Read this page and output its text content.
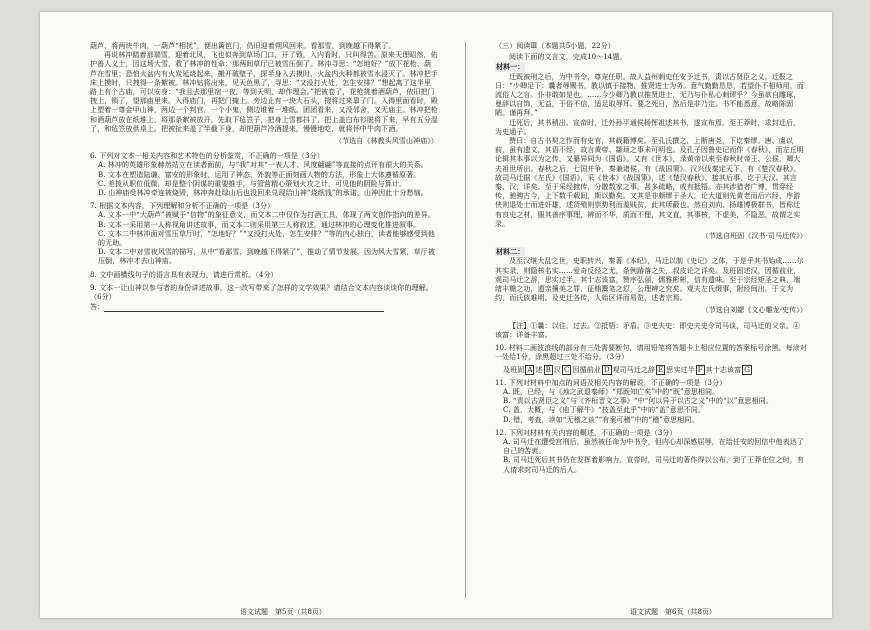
葫芦，将两块牛肉，一葫芦“相扰”，便出篱笆门，仍旧迎着朔风回来。看那雪，到晚越下得紧了。

再说林冲踏着那瑞雪，迎着北风，飞也似奔到草场门口，开了锁，入内看时，只叫得苦。原来天理昭然，佑护善人义士，因这场大雪，救了林冲的性命：那两间草厅已被雪压倒了。林冲寻思：“怎地好？”放下花枪、葫芦在雪里；恐怕火盆内有火炭延烧起来，搬开破壁子，探半身入去摸时，火盆内火种都被雪水浸灭了。林冲把手床上摸时，只拽得一条絮被。林冲钻将出来，见天色黑了，寻思：“又没打火处，怎生安排？”想起离了这半里路上有个古庙，可以安身：“我且去那里宿一夜，等到天明，却作理会。”把被卷了，花枪挑着酒葫芦，依旧把门拽上，锁了，望那庙里来。入得庙门，再把门掩上。旁边止有一块大石头，掇将过来靠了门。入得里面看时，殿上塑着一尊金甲山神，两边一个判官，一个小鬼，侧边堆着一堆纸。团团看来，又没邻舍，又无庙主。林冲把枪和酒葫芦放在纸堆上，将那条絮被放开，先取下毡笠子，把身上雪都抖了，把上盖白布衫脱将下来，早有五分湿了，和毡笠放供桌上。把被扯来盖了半截下身，却把葫芦冷酒提来，慢慢地吃，就将怀中牛肉下酒。

（节选自《林教头风雪山神庙》）

6. 下列对文本一相关内容和艺术特色的分析鉴赏，不正确的一项是（3分）

A. 林冲的英雄形象赫然站立在读者面前，与“我”对其“一表人才、风度翩翩”等直接的点评有很大的关系。

B. 文本在塑造陆谦、富安的形象时，运用了神态、外貌等正面刻画人物的方法，形象上大体遵循原著。

C. 差拨从职位低微，却是整个阴谋的重要推手，与管营精心策划火攻之计，可见他的阴险与算计。

D. 山神庙受林冲牵连被烧毁，林冲奔赴绿山后也没回来兑现给山神“烧纸钱”的承诺，山神因此十分愁恼。

7. 根据文本内容，下列理解和分析不正确的一项是（3分）

A. 文本一中“大葫芦”被赋予“信物”的象征意义，而文本二中仅作为打酒工具，体现了两文创作指向的差异。

B. 文本一采用第一人称视角讲述故事，而文本二则采用第三人称叙述，通过林冲的心理变化推进叙事。

C. 文本二中林冲面对雪压草厅时，“怎地好？”“又没打火处，怎生安排？”等的内心独白，读者能够感受到他的无助。

D. 文本二中对雪夜风雪的描写，从中“看那雪，到晚越下得紧了”，推动了情节发展，因为风大雪紧，草厅被压倒，林冲才去山神庙。

8. 文中画横线句子的语言具有表现力，请进行赏析。（4分）

9. 文本一让山神以参与者的身份讲述故事，这一改写带来了怎样的文学效果？请结合文本内容谈谈你的理解。（6分）

答：

（三）阅读Ⅲ（本题共5小题，22分）

阅读下面的文言文，完成10～14题。

材料一：

迁既被刑之后，为中书令，尊宠任职。故人益州刺史任安予迁书，责以古贤臣之义。迁报之曰：“少卿足下：曩者辱赐书，教以慎于接物，推贤进士为务。意气勤勤恳恳，若望仆不相师用，而流俗人之言。仆非敢如是也。……今少卿乃教以推贤进士，无乃与仆私心刺谬乎？今虽欲自雕琢，曼辞以自饰，无益，于俗不信，适足取辱耳。要之死日，然后是非乃定。书不能悉意，故略陈固陋。谨再拜。”

迁死后，其书稍出。宣帝时，迁外孙平通侯杨恽祖述其书，遂宣布焉。至王莽时，求封迁后，为史通子。

赞曰：自古书契之作而有史官，其载籍博矣。至孔氏撰之，上断唐尧，下讫秦缪。唐、虞以前，虽有遗文，其语不经，故言黄帝、颛顼之事未可明也。及孔子因鲁史记而作《春秋》，而左丘明论辑其本事以为之传，又纂异同为《国语》。又有《世本》，录黄帝以来至春秋时帝王、公侯、卿大夫祖世所出。春秋之后，七国并争，秦兼诸侯，有《战国策》。汉兴伐秦定天下，有《楚汉春秋》。故司马迁据《左氏》《国语》，采《世本》《战国策》，述《楚汉春秋》，接其后事，讫于天汉。其言秦、汉，详矣。至于采经摭传，分散数家之事，甚多疏略，或有抵牾。亦其涉猎者广博，贯穿经传，驰骋古今，上下数千载间，斯以勤矣。又其是非颇缪于圣人，论大道则先黄老而后六经，序游侠则退处士而进奸雄，述货殖则崇势利而羞贱贫，此其所蔽也。然自刘向、扬雄博极群书，皆称迁有良史之材，服其善序事理，辨而不华，质而不俚，其文直，其事核，不虚美，不隐恶，故谓之实录。

（节选自班固《汉书·司马迁传》）

材料二：

及至汉继大乱之世，史职转兴，秦著《本纪》，马迁以制《史记》之体，于是乎其书始成……尔其实录，则隐核名实……爱奇反经之尤，条例踳落之失，叔皮论之详矣。及班固述汉，因循前业，观司马迁之辞，思实过半。其十志该富，赞序弘丽，儒雅彬彬，信有遗味。至于宗经矩圣之典，端绪丰赡之功，遗亲攘美之罪，征贿鬻笔之愆，公理辨之究矣。观夫左氏缀事，附经间出，于文为约，而氏族难明。及史迁各传，人始区详而易览，述者宗焉。

（节选自刘勰《文心雕龙·史传》）

【注】①曩：以往，过去。②抵牾：矛盾。③史夫史：即史夫史令司马谈，司马迁的父亲。④该富：详备丰富。

10. 材料二画波浪线的部分有三处需要断句，请用铅笔将答题卡上相应位置的答案标号涂黑。每涂对一处给1分，涂黑超过三处不给分。（3分）

及班固 A 述 B 汉 C 因循前业 D 观司马迁之辞 E 思实过半 F 其十志该富 G

11. 下列对材料中加点的词语及相关内容的解说，不正确的一项是（3分）

A. 既，已经，与《烛之武退秦师》“郑既知亡矣”中的“既”意思相同。

B. “责以古贤臣之义”与《齐桓晋文之事》“中“何以异于以古之义”中的“以”意思相同。

C. 盖，大概，与《庖丁解牛》“技盖至此乎”中的“盖”意思不同。

D. 错，考查，读如“无稽之谈”“有案可稽”中的“稽”意思相同。

12. 下列对材料有关内容的概述，不正确的一项是（3分）

A. 司马迁在遭受宫刑后，虽然被任命为中书令，但内心却深感屈辱，在给任安的回信中他表达了自己的苦衷。

B. 司马迁死后其书仍在发挥着影响力，宣帝时，司马迁的著作得以公布，到了王莽在位之时，有人请求封司马迁的后人。

语文试题　第5页（共8页）	语文试题　第6页（共8页）
